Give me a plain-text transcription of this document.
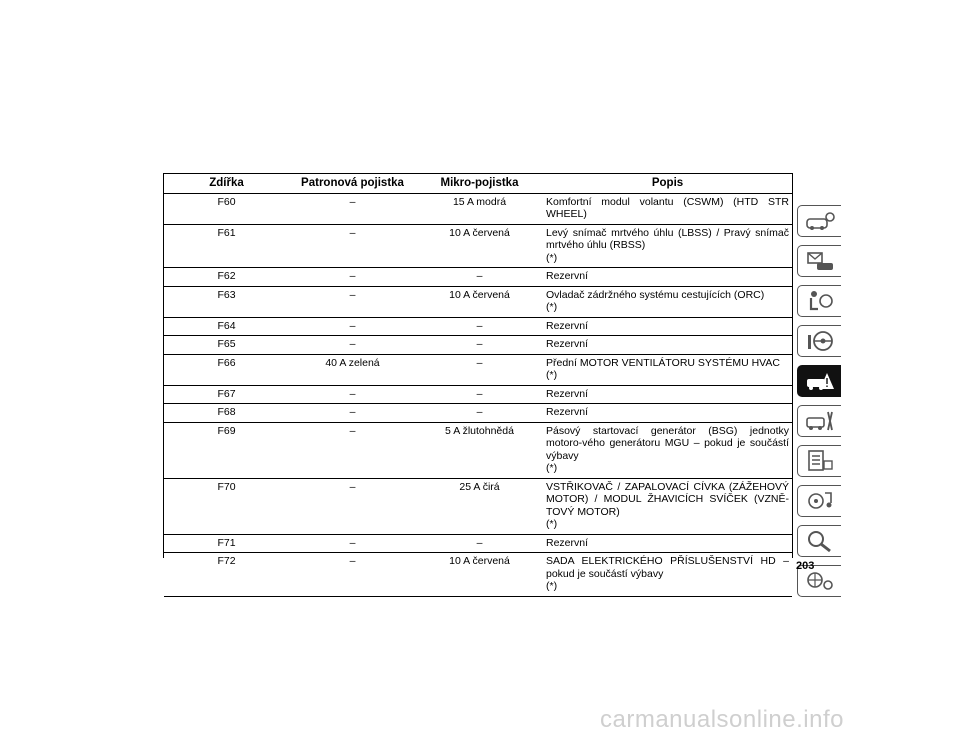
Zdířka	Patronová pojistka	Mikro-pojistka	Popis
F60	–	15 A modrá	Komfortní modul volantu (CSWM) (HTD STR WHEEL)
F61	–	10 A červená	Levý snímač mrtvého úhlu (LBSS) / Pravý snímač mrtvého úhlu (RBSS)
(*)
F62	–	–	Rezervní
F63	–	10 A červená	Ovladač zádržného systému cestujících (ORC)
(*)
F64	–	–	Rezervní
F65	–	–	Rezervní
F66	40 A zelená	–	Přední MOTOR VENTILÁTORU SYSTÉMU HVAC
(*)
F67	–	–	Rezervní
F68	–	–	Rezervní
F69	–	5 A žlutohnědá	Pásový startovací generátor (BSG) jednotky motoro-vého generátoru MGU – pokud je součástí výbavy
(*)
F70	–	25 A čirá	VSTŘIKOVAČ / ZAPALOVACÍ CÍVKA (ZÁŽEHOVÝ MOTOR) / MODUL ŽHAVICÍCH SVÍČEK (VZNĚ-TOVÝ MOTOR)
(*)
F71	–	–	Rezervní
F72	–	10 A červená	SADA ELEKTRICKÉHO PŘÍSLUŠENSTVÍ HD – pokud je součástí výbavy
(*)
203
carmanualsonline.info
